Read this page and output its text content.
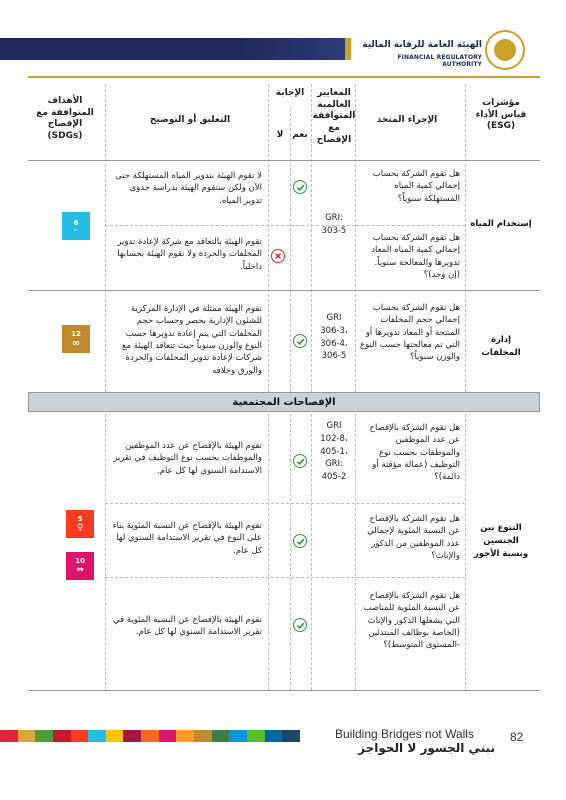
الهيئة العامة للرقابة المالية
FINANCIAL REGULATORY AUTHORITY
مؤشرات قياس الأداء (ESG)
الإجراء المتخذ
المعايير العالمية المتوافقة مع الإفصاح
الإجابة
نعم
لا
التعليق أو التوضيح
الأهداف المتوافقة مع الإفصاح (SDGs)
إستخدام المياه
GRI: 303-5
هل تقوم الشركة بحساب إجمالي كمية المياه المستهلكة سنوياً؟
لا تقوم الهيئة بتدوير المياه المستهلكة حتى الآن ولكن ستقوم الهيئة بدراسة جدوى تدوير المياه.
هل تقوم الشركة بحساب إجمالي كمية المياه المعاد تدويرها والمعالجة سنوياً. (إن وجد)؟
تقوم الهيئة بالتعاقد مع شركة لإعادة تدوير المخلفات والخردة ولا تقوم الهيئة بحسابها داخلياً.
6
▻
إدارة المخلفات
GRI 306-3، 306-4، 306-5
هل تقوم الشركة بحساب إجمالي حجم المخلفات المنتجة أو المعاد تدويرها أو التي تم معالجتها حسب النوع والوزن سنوياً؟
تقوم الهيئة ممثلة في الإدارة المركزية للشئون الإدارية بحصر وحساب حجم المخلفات التي يتم إعادة تدويرها حسب النوع والوزن سنوياً حيث تتعاقد الهيئة مع شركات لإعادة تدوير المخلفات والخردة والورق وخلافه
12
∞
الإفصاحات المجتمعية
التنوع بين الجنسين ونسبة الأجور
هل تقوم الشركة بالإفصاح عن عدد الموظفين والموظفات بحسب نوع التوظيف (عمالة مؤقتة أو دائمة)؟
GRI 102-8، 405-1، GRI: 405-2
تقوم الهيئة بالإفصاح عن عدد الموظفين والموظفات بحسب نوع التوظيف في تقرير الاستدامة السنوي لها كل عام.
هل تقوم الشركة بالإفصاح عن النسبة المئوية لإجمالي عدد الموظفين من الذكور والإناث؟
تقوم الهيئة بالإفصاح عن النسبة المئوية بناء على النوع في تقرير الاستدامة السنوي لها كل عام.
هل تقوم الشركة بالإفصاح عن النسبة المئوية للمناصب التي يشغلها الذكور والإناث (الخاصة بوظائف المبتدئين -المستوى المتوسط)؟
تقوم الهيئة بالإفصاح عن النسبة المئوية في تقرير الاستدامة السنوي لها كل عام.
5
♀
10
⇔
Building Bridges not Walls
نبني الجسور لا الحواجز
82
